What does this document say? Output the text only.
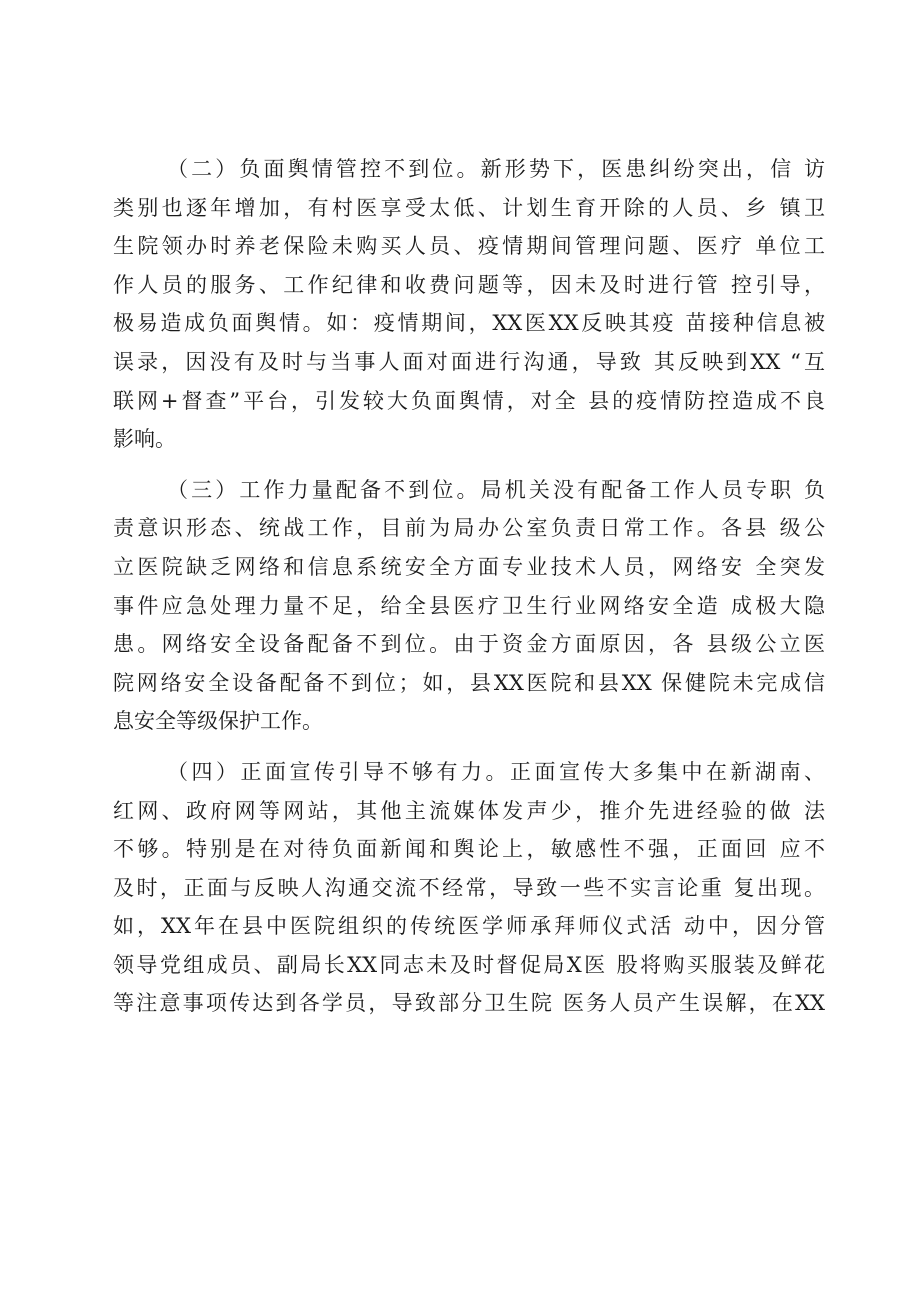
（二）负面舆情管控不到位。新形势下，医患纠纷突出，信 访
类别也逐年增加，有村医享受太低、计划生育开除的人员、乡 镇卫
生院领办时养老保险未购买人员、疫情期间管理问题、医疗 单位工
作人员的服务、工作纪律和收费问题等，因未及时进行管 控引导，
极易造成负面舆情。如：疫情期间，XX医XX反映其疫 苗接种信息被
误录，因没有及时与当事人面对面进行沟通，导致 其反映到XX “互
联网+督查”平台，引发较大负面舆情，对全 县的疫情防控造成不良
影响。
（三）工作力量配备不到位。局机关没有配备工作人员专职 负
责意识形态、统战工作，目前为局办公室负责日常工作。各县 级公
立医院缺乏网络和信息系统安全方面专业技术人员，网络安 全突发
事件应急处理力量不足，给全县医疗卫生行业网络安全造 成极大隐
患。网络安全设备配备不到位。由于资金方面原因，各 县级公立医
院网络安全设备配备不到位；如，县XX医院和县XX 保健院未完成信
息安全等级保护工作。
（四）正面宣传引导不够有力。正面宣传大多集中在新湖南、
红网、政府网等网站，其他主流媒体发声少，推介先进经验的做 法
不够。特别是在对待负面新闻和舆论上，敏感性不强，正面回 应不
及时，正面与反映人沟通交流不经常，导致一些不实言论重 复出现。
如，XX年在县中医院组织的传统医学师承拜师仪式活 动中，因分管
领导党组成员、副局长XX同志未及时督促局X医 股将购买服装及鲜花
等注意事项传达到各学员，导致部分卫生院 医务人员产生误解，在XX
